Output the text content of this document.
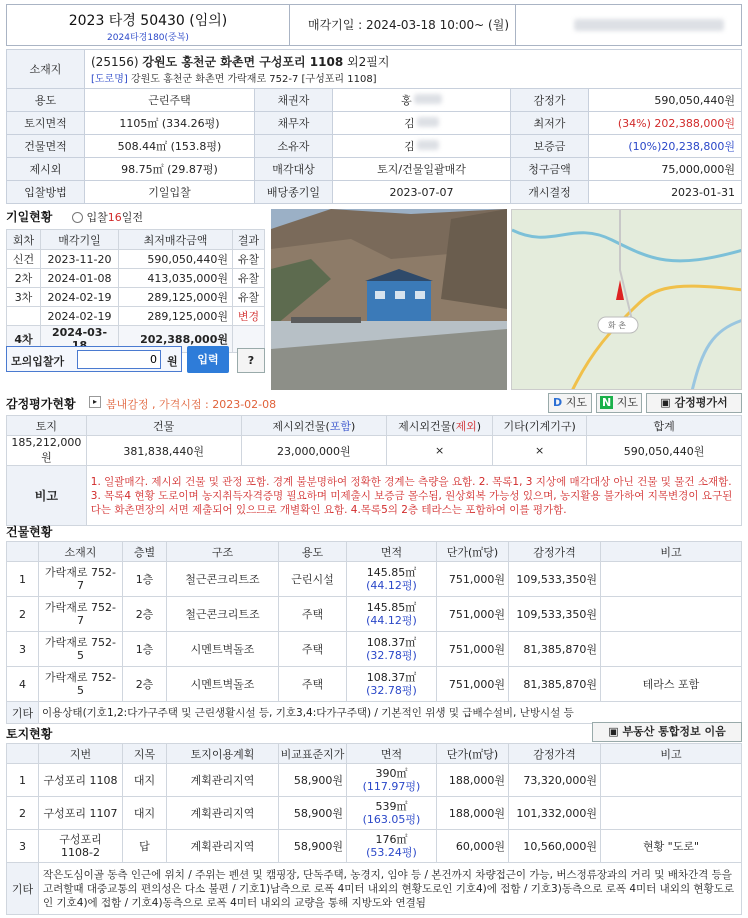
2023 타경 50430 (임의)
2024타경180(중복)
매각기일 : 2024-03-18 10:00~ (월)
소재지	(25156) 강원도 홍천군 화촌면 구성포리 1108 외2필지
[도로명] 강원도 홍천군 화촌면 가락재로 752-7 [구성포리 1108]				

용도	근린주택	채권자	홍	감정가	590,050,440원
토지면적	1105㎡ (334.26평)	채무자	김	최저가	(34%) 202,388,000원
건물면적	508.44㎡ (153.8평)	소유자	김	보증금	(10%)20,238,800원
제시외	98.75㎡ (29.87평)	매각대상	토지/건물일괄매각	청구금액	75,000,000원
입찰방법	기일입찰	배당종기일	2023-07-07	개시결정	2023-01-31
기일현황	입찰16일전
회차	매각기일	최저매각금액	결과
신건	2023-11-20	590,050,440원	유찰
2차	2024-01-08	413,035,000원	유찰
3차	2024-02-19	289,125,000원	유찰
	2024-02-19	289,125,000원	변경
4차	2024-03-	202,388,000원	
모의입찰가
0	원	입력	?
화 촌
감정평가현황	▸ 봄내감정 , 가격시점 : 2023-02-08	D 지도	N 지도	▣ 감정평가서
토지	건물	제시외건물(포함)	제시외건물(제외)	기타(기계기구)	합계
185,212,000원	381,838,440원	23,000,000원	×	×	590,050,440원
비고	1. 일괄매각. 제시외 건물 및 관정 포함. 경계 불분명하여 정확한 경계는 측량을 요함. 2. 목록1, 3 지상에 매각대상 아닌 건물 및 물건 소재함. 3. 목록4 현황 도로이며 농지취득자격증명 필요하며 미제출시 보증금 몰수됨, 원상회복 가능성 있으며, 농지활용 불가하여 지목변경이 요구된다는 화촌면장의 서면 제출되어 있으므로 개별확인 요함. 4.목록5의 2층 테라스는 포함하여 이를 평가함.				
건물현황
	소재지	층별	구조	용도	면적	단가(㎡당)	감정가격	비고
1	가락재로 752-7	1층	철근콘크리트조	근린시설	145.85㎡
(44.12평)	751,000원	109,533,350원	
2	가락재로 752-7	2층	철근콘크리트조	주택	145.85㎡
(44.12평)	751,000원	109,533,350원	
3	가락재로 752-5	1층	시멘트벽돌조	주택	108.37㎡
(32.78평)	751,000원	81,385,870원	
4	가락재로 752-5	2층	시멘트벽돌조	주택	108.37㎡
(32.78평)	751,000원	81,385,870원	테라스 포함
기타	이용상태(기호1,2:다가구주택 및 근린생활시설 등, 기호3,4:다가구주택) / 기본적인 위생 및 급배수설비, 난방시설 등							
토지현황	▣ 부동산 통합정보 이음
	지번	지목	토지이용계획	비교표준지가	면적	단가(㎡당)	감정가격	비고
1	구성포리 1108	대지	계획관리지역	58,900원	390㎡
(117.97평)	188,000원	73,320,000원	
2	구성포리 1107	대지	계획관리지역	58,900원	539㎡
(163.05평)	188,000원	101,332,000원	
3	구성포리 1108-2	답	계획관리지역	58,900원	176㎡
(53.24평)	60,000원	10,560,000원	현황 "도로"
기타	작은도심이골 동측 인근에 위치 / 주위는 펜션 및 캠핑장, 단독주택, 농경지, 임야 등 / 본건까지 차량접근이 가능, 버스정류장과의 거리 및 배차간격 등을 고려할때 대중교통의 편의성은 다소 불편 / 기호1)남측으로 로폭 4미터 내외의 현황도로인 기호4)에 접함 / 기호3)동측으로 로폭 4미터 내외의 현황도로인 기호4)에 접함 / 기호4)동측으로 로폭 4미터 내외의 교량을 통해 지방도와 연결됨							
